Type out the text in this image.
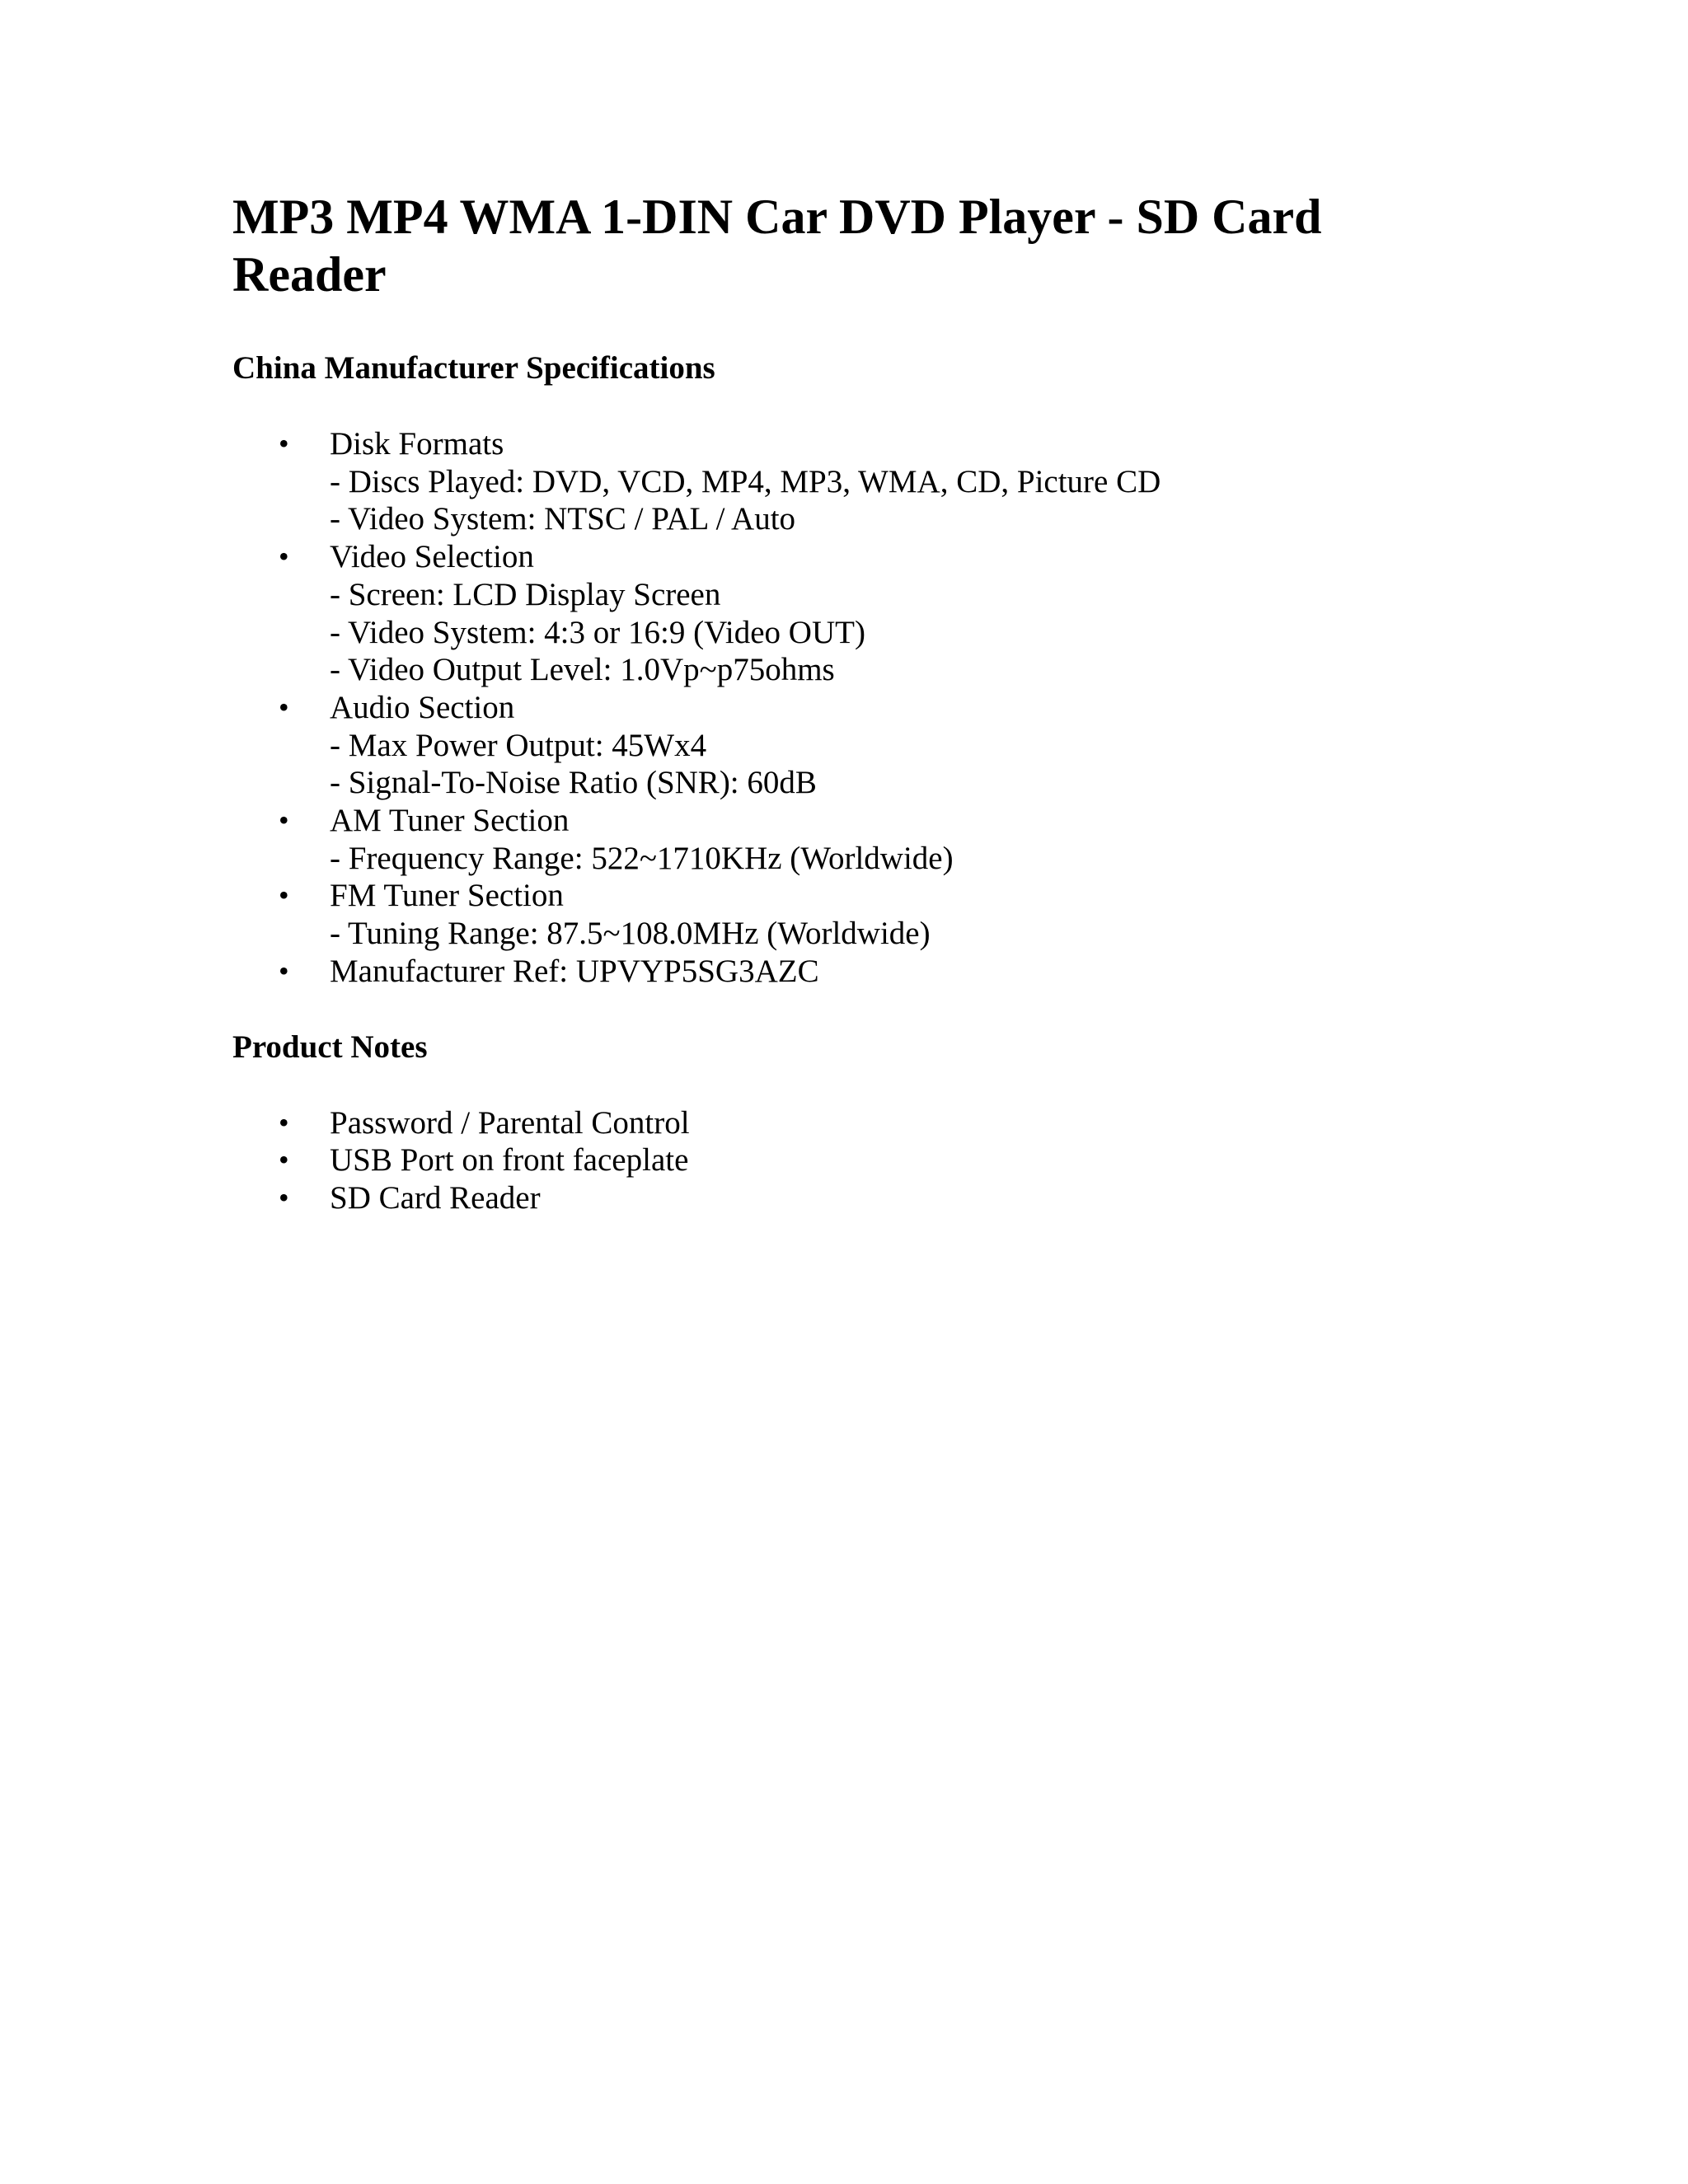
MP3 MP4 WMA 1-DIN Car DVD Player - SD Card Reader
China Manufacturer Specifications
• Disk Formats
- Discs Played: DVD, VCD, MP4, MP3, WMA, CD, Picture CD
- Video System: NTSC / PAL / Auto
• Video Selection
- Screen: LCD Display Screen
- Video System: 4:3 or 16:9 (Video OUT)
- Video Output Level: 1.0Vp~p75ohms
• Audio Section
- Max Power Output: 45Wx4
- Signal-To-Noise Ratio (SNR): 60dB
• AM Tuner Section
- Frequency Range: 522~1710KHz (Worldwide)
• FM Tuner Section
- Tuning Range: 87.5~108.0MHz (Worldwide)
• Manufacturer Ref: UPVYP5SG3AZC
Product Notes
• Password / Parental Control
• USB Port on front faceplate
• SD Card Reader
